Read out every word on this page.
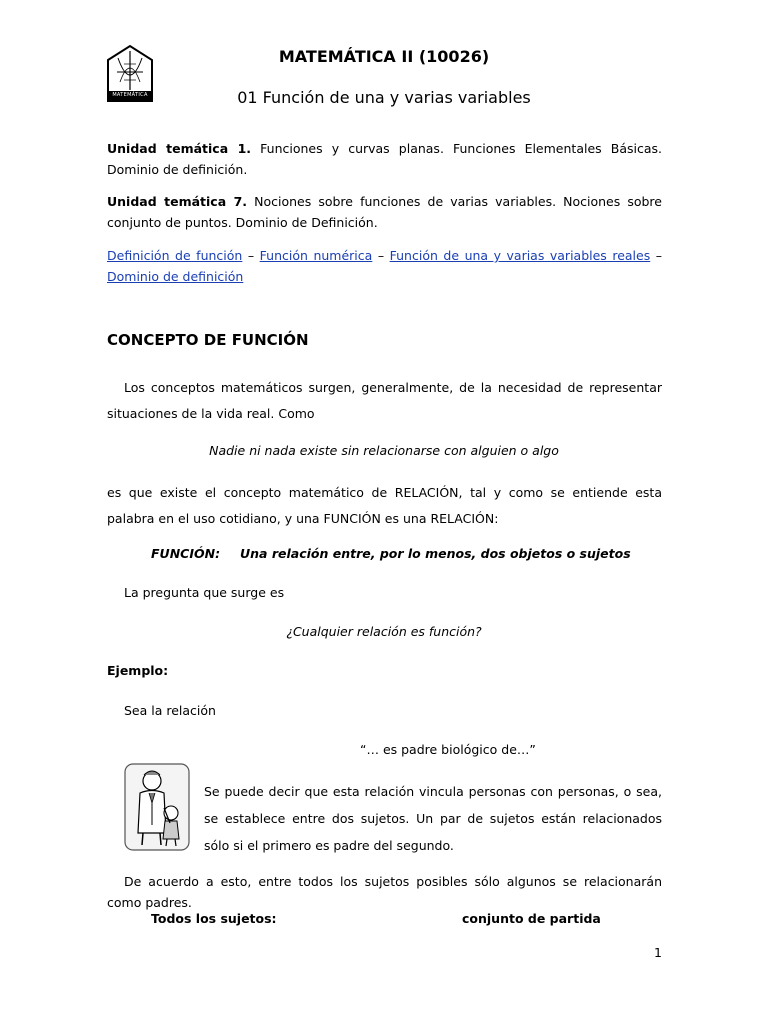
MATEMÁTICA
MATEMÁTICA II (10026)
01 Función de una y varias variables
Unidad temática 1. Funciones y curvas planas. Funciones Elementales Básicas. Dominio de definición.
Unidad temática 7. Nociones sobre funciones de varias variables. Nociones sobre conjunto de puntos. Dominio de Definición.
Definición de función – Función numérica – Función de una y varias variables reales – Dominio de definición
CONCEPTO DE FUNCIÓN
Los conceptos matemáticos surgen, generalmente, de la necesidad de representar situaciones de la vida real. Como
Nadie ni nada existe sin relacionarse con alguien o algo
es que existe el concepto matemático de RELACIÓN, tal y como se entiende esta palabra en el uso cotidiano, y una FUNCIÓN es una RELACIÓN:
FUNCIÓN: Una relación entre, por lo menos, dos objetos o sujetos
La pregunta que surge es
¿Cualquier relación es función?
Ejemplo:
Sea la relación
“… es padre biológico de…”
Se puede decir que esta relación vincula personas con personas, o sea, se establece entre dos sujetos. Un par de sujetos están relacionados sólo si el primero es padre del segundo.
De acuerdo a esto, entre todos los sujetos posibles sólo algunos se relacionarán como padres.
Todos los sujetos:	conjunto de partida
1
